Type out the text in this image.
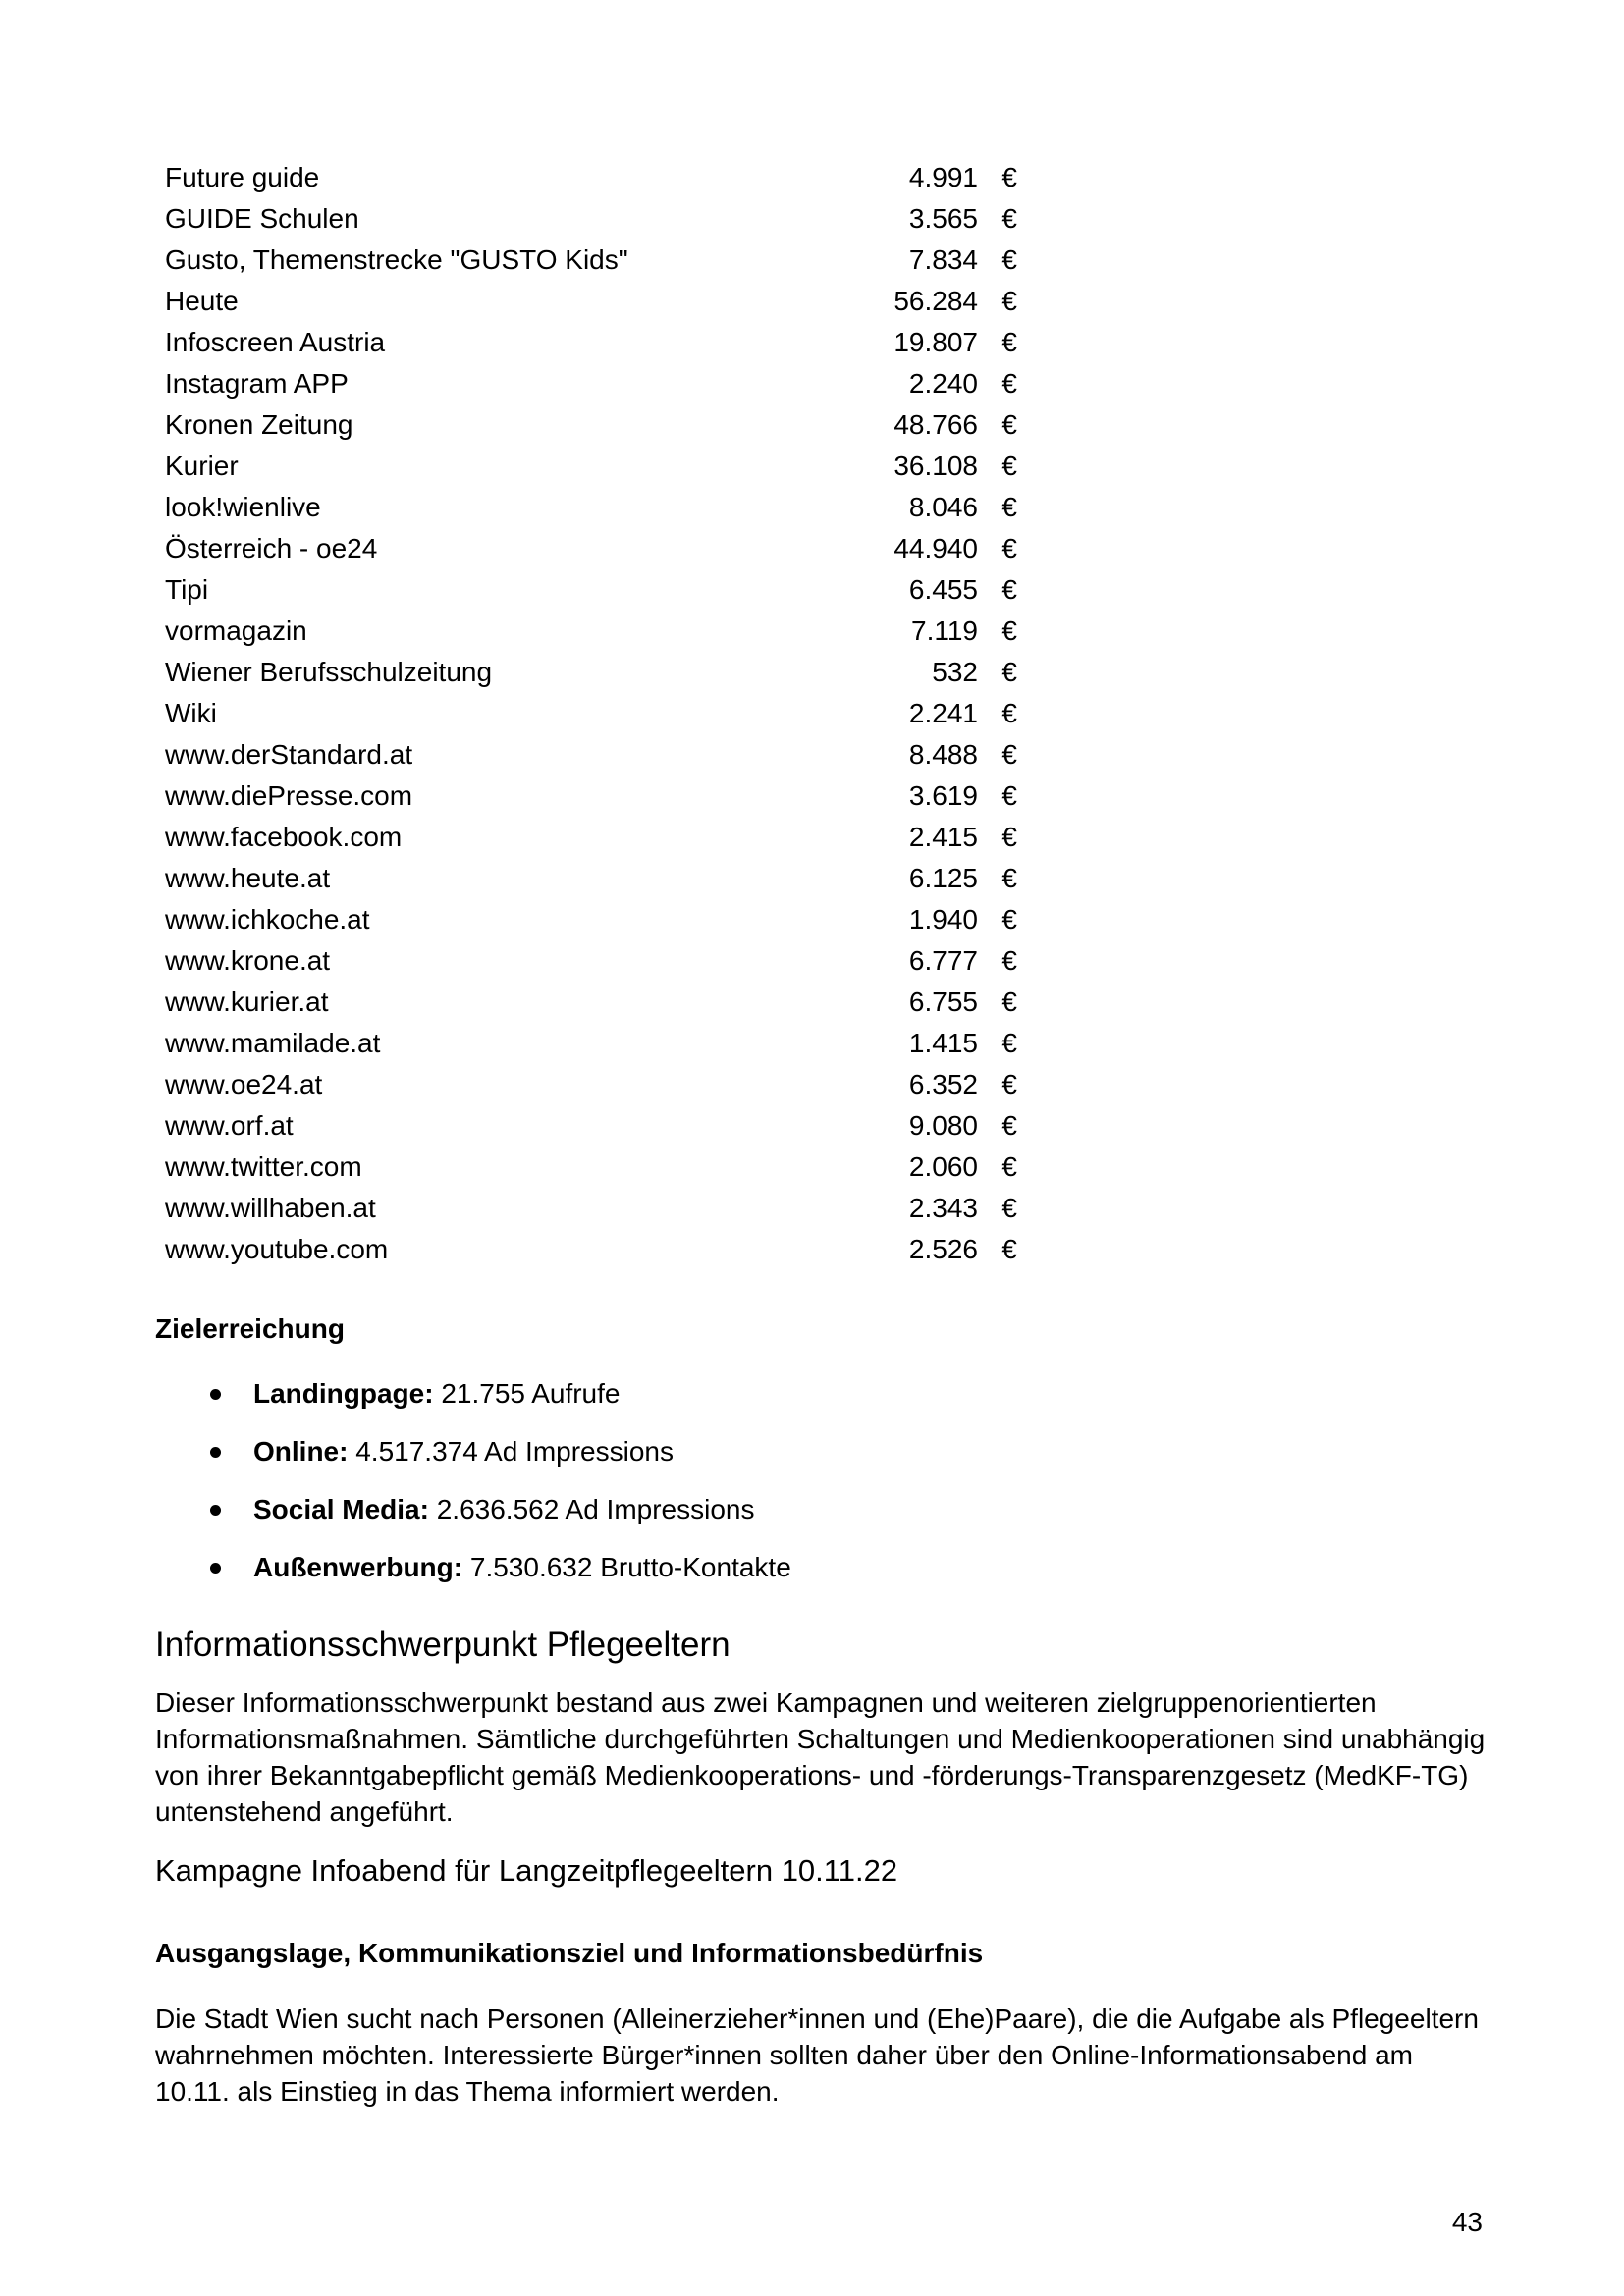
Future guide	4.991 €
GUIDE Schulen	3.565 €
Gusto, Themenstrecke "GUSTO Kids"	7.834 €
Heute	56.284 €
Infoscreen Austria	19.807 €
Instagram APP	2.240 €
Kronen Zeitung	48.766 €
Kurier	36.108 €
look!wienlive	8.046 €
Österreich - oe24	44.940 €
Tipi	6.455 €
vormagazin	7.119 €
Wiener Berufsschulzeitung	532 €
Wiki	2.241 €
www.derStandard.at	8.488 €
www.diePresse.com	3.619 €
www.facebook.com	2.415 €
www.heute.at	6.125 €
www.ichkoche.at	1.940 €
www.krone.at	6.777 €
www.kurier.at	6.755 €
www.mamilade.at	1.415 €
www.oe24.at	6.352 €
www.orf.at	9.080 €
www.twitter.com	2.060 €
www.willhaben.at	2.343 €
www.youtube.com	2.526 €
Zielerreichung
Landingpage: 21.755 Aufrufe
Online: 4.517.374 Ad Impressions
Social Media: 2.636.562 Ad Impressions
Außenwerbung: 7.530.632 Brutto-Kontakte
Informationsschwerpunkt Pflegeeltern
Dieser Informationsschwerpunkt bestand aus zwei Kampagnen und weiteren zielgruppenorientierten Informationsmaßnahmen. Sämtliche durchgeführten Schaltungen und Medienkooperationen sind unabhängig von ihrer Bekanntgabepflicht gemäß Medienkooperations- und -förderungs-Transparenzgesetz (MedKF-TG) untenstehend angeführt.
Kampagne Infoabend für Langzeitpflegeeltern 10.11.22
Ausgangslage, Kommunikationsziel und Informationsbedürfnis
Die Stadt Wien sucht nach Personen (Alleinerzieher*innen und (Ehe)Paare), die die Aufgabe als Pflegeeltern wahrnehmen möchten. Interessierte Bürger*innen sollten daher über den Online-Informationsabend am 10.11. als Einstieg in das Thema informiert werden.
43
